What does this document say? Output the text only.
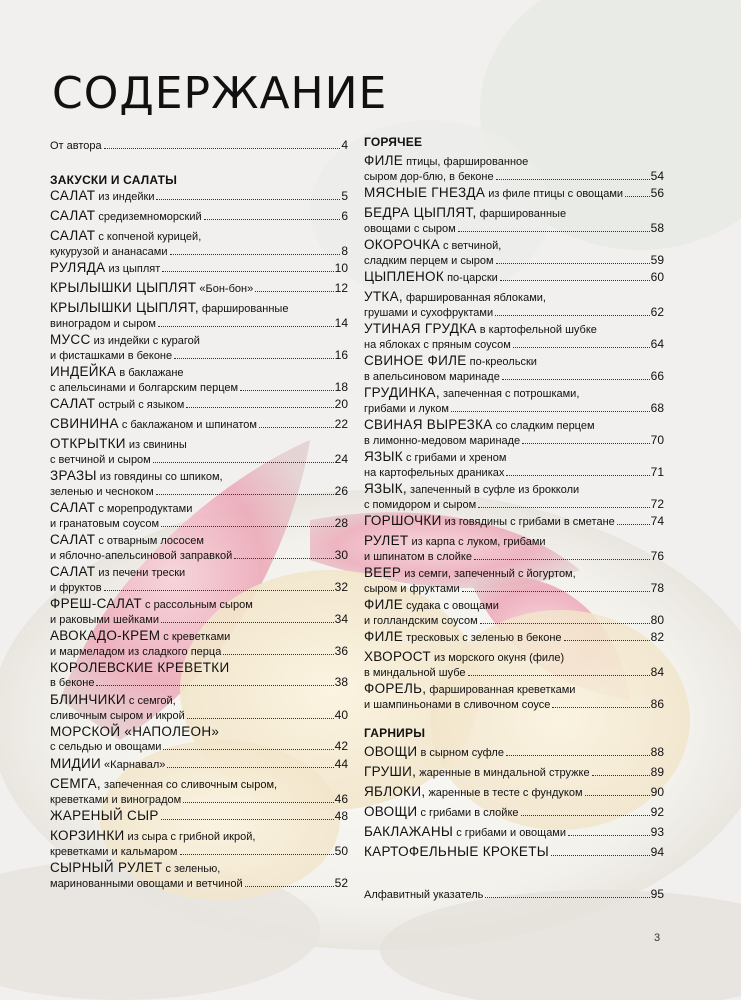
СОДЕРЖАНИЕ
От автора	4
ЗАКУСКИ И САЛАТЫ
САЛАТ из индейки	5
САЛАТ средиземноморский	6
САЛАТ с копченой курицей,
кукурузой и ананасами	8
РУЛЯДА из цыплят	10
КРЫЛЫШКИ ЦЫПЛЯТ «Бон-бон»	12
КРЫЛЫШКИ ЦЫПЛЯТ, фаршированные
виноградом и сыром	14
МУСС из индейки с курагой
и фисташками в беконе	16
ИНДЕЙКА в баклажане
с апельсинами и болгарским перцем	18
САЛАТ острый с языком	20
СВИНИНА с баклажаном и шпинатом	22
ОТКРЫТКИ из свинины
с ветчиной и сыром	24
ЗРАЗЫ из говядины со шпиком,
зеленью и чесноком	26
САЛАТ с морепродуктами
и гранатовым соусом	28
САЛАТ с отварным лососем
и яблочно-апельсиновой заправкой	30
САЛАТ из печени трески
и фруктов	32
ФРЕШ-САЛАТ с рассольным сыром
и раковыми шейками	34
АВОКАДО-КРЕМ с креветками
и мармеладом из сладкого перца	36
КОРОЛЕВСКИЕ КРЕВЕТКИ
в беконе	38
БЛИНЧИКИ с семгой,
сливочным сыром и икрой	40
МОРСКОЙ «НАПОЛЕОН»
с сельдью и овощами	42
МИДИИ «Карнавал»	44
СЕМГА, запеченная со сливочным сыром,
креветками и виноградом	46
ЖАРЕНЫЙ СЫР	48
КОРЗИНКИ из сыра с грибной икрой,
креветками и кальмаром	50
СЫРНЫЙ РУЛЕТ с зеленью,
маринованными овощами и ветчиной	52
ГОРЯЧЕЕ
ФИЛЕ птицы, фаршированное
сыром дор-блю, в беконе	54
МЯСНЫЕ ГНЕЗДА из филе птицы с овощами 56
БЕДРА ЦЫПЛЯТ, фаршированные
овощами с сыром	58
ОКОРОЧКА с ветчиной,
сладким перцем и сыром	59
ЦЫПЛЕНОК по-царски	60
УТКА, фаршированная яблоками,
грушами и сухофруктами	62
УТИНАЯ ГРУДКА в картофельной шубке
на яблоках с пряным соусом	64
СВИНОЕ ФИЛЕ по-креольски
в апельсиновом маринаде	66
ГРУДИНКА, запеченная с потрошками,
грибами и луком	68
СВИНАЯ ВЫРЕЗКА со сладким перцем
в лимонно-медовом маринаде	70
ЯЗЫК с грибами и хреном
на картофельных драниках	71
ЯЗЫК, запеченный в суфле из брокколи
с помидором и сыром	72
ГОРШОЧКИ из говядины с грибами в сметане	74
РУЛЕТ из карпа с луком, грибами
и шпинатом в слойке	76
ВЕЕР из семги, запеченный с йогуртом,
сыром и фруктами	78
ФИЛЕ судака с овощами
и голландским соусом	80
ФИЛЕ тресковых с зеленью в беконе	82
ХВОРОСТ из морского окуня (филе)
в миндальной шубе	84
ФОРЕЛЬ, фаршированная креветками
и шампиньонами в сливочном соусе	86
ГАРНИРЫ
ОВОЩИ в сырном суфле	88
ГРУШИ, жаренные в миндальной стружке	89
ЯБЛОКИ, жаренные в тесте с фундуком	90
ОВОЩИ с грибами в слойке	92
БАКЛАЖАНЫ с грибами и овощами	93
КАРТОФЕЛЬНЫЕ КРОКЕТЫ	94
Алфавитный указатель	95
3
